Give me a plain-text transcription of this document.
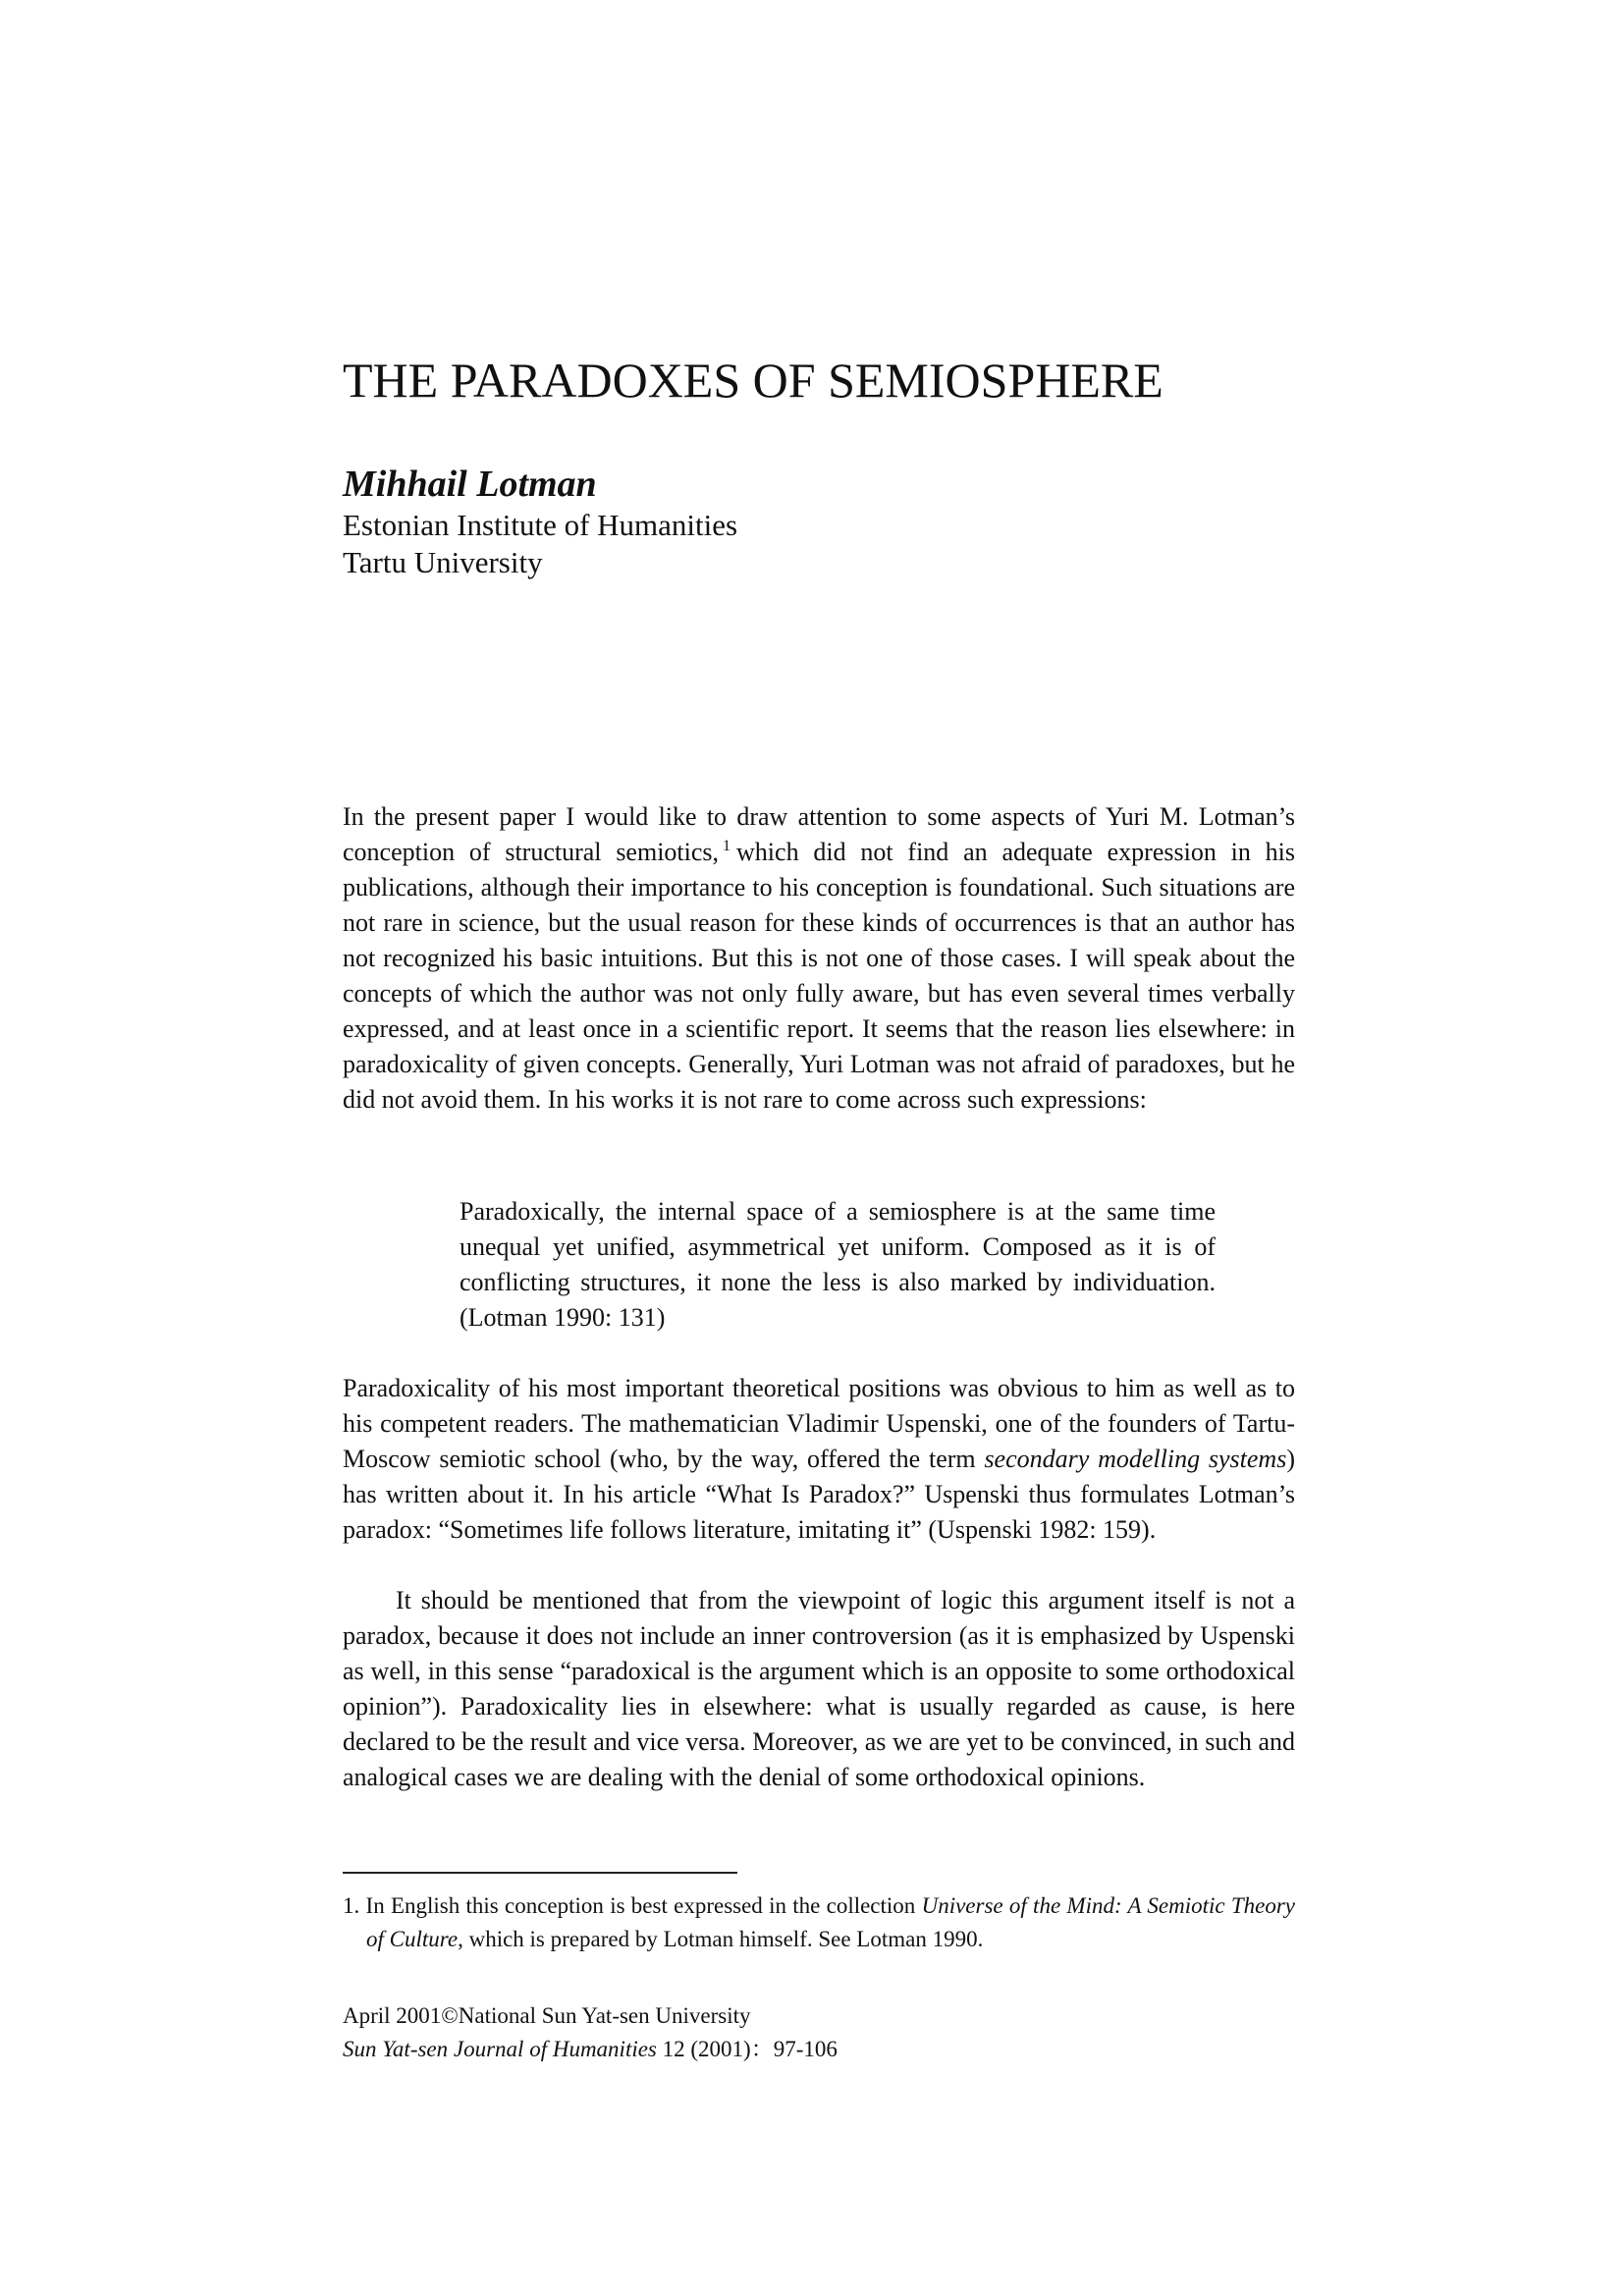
THE PARADOXES OF SEMIOSPHERE
Mihhail Lotman
Estonian Institute of Humanities
Tartu University

In the present paper I would like to draw attention to some aspects of Yuri M. Lotman’s conception of structural semiotics, $^1$ which did not find an adequate expression in his publications, although their importance to his conception is foundational. Such situations are not rare in science, but the usual reason for these kinds of occurrences is that an author has not recognized his basic intuitions. But this is not one of those cases. I will speak about the concepts of which the author was not only fully aware, but has even several times verbally expressed, and at least once in a scientific report. It seems that the reason lies elsewhere: in paradoxicality of given concepts. Generally, Yuri Lotman was not afraid of paradoxes, but he did not avoid them. In his works it is not rare to come across such expressions:

Paradoxically, the internal space of a semiosphere is at the same time unequal yet unified, asymmetrical yet uniform. Composed as it is of conflicting structures, it none the less is also marked by individuation. (Lotman 1990: 131)

Paradoxicality of his most important theoretical positions was obvious to him as well as to his competent readers. The mathematician Vladimir Uspenski, one of the founders of Tartu-Moscow semiotic school (who, by the way, offered the term secondary modelling systems) has written about it. In his article “What Is Paradox?” Uspenski thus formulates Lotman’s paradox: “Sometimes life follows literature, imitating it” (Uspenski 1982: 159).

It should be mentioned that from the viewpoint of logic this argument itself is not a paradox, because it does not include an inner controversion (as it is emphasized by Uspenski as well, in this sense “paradoxical is the argument which is an opposite to some orthodoxical opinion”). Paradoxicality lies in elsewhere: what is usually regarded as cause, is here declared to be the result and vice versa. Moreover, as we are yet to be convinced, in such and analogical cases we are dealing with the denial of some orthodoxical opinions.

1. In English this conception is best expressed in the collection Universe of the Mind: A Semiotic Theory of Culture, which is prepared by Lotman himself. See Lotman 1990.

April 2001©National Sun Yat-sen University
Sun Yat-sen Journal of Humanities 12 (2001)：97-106
